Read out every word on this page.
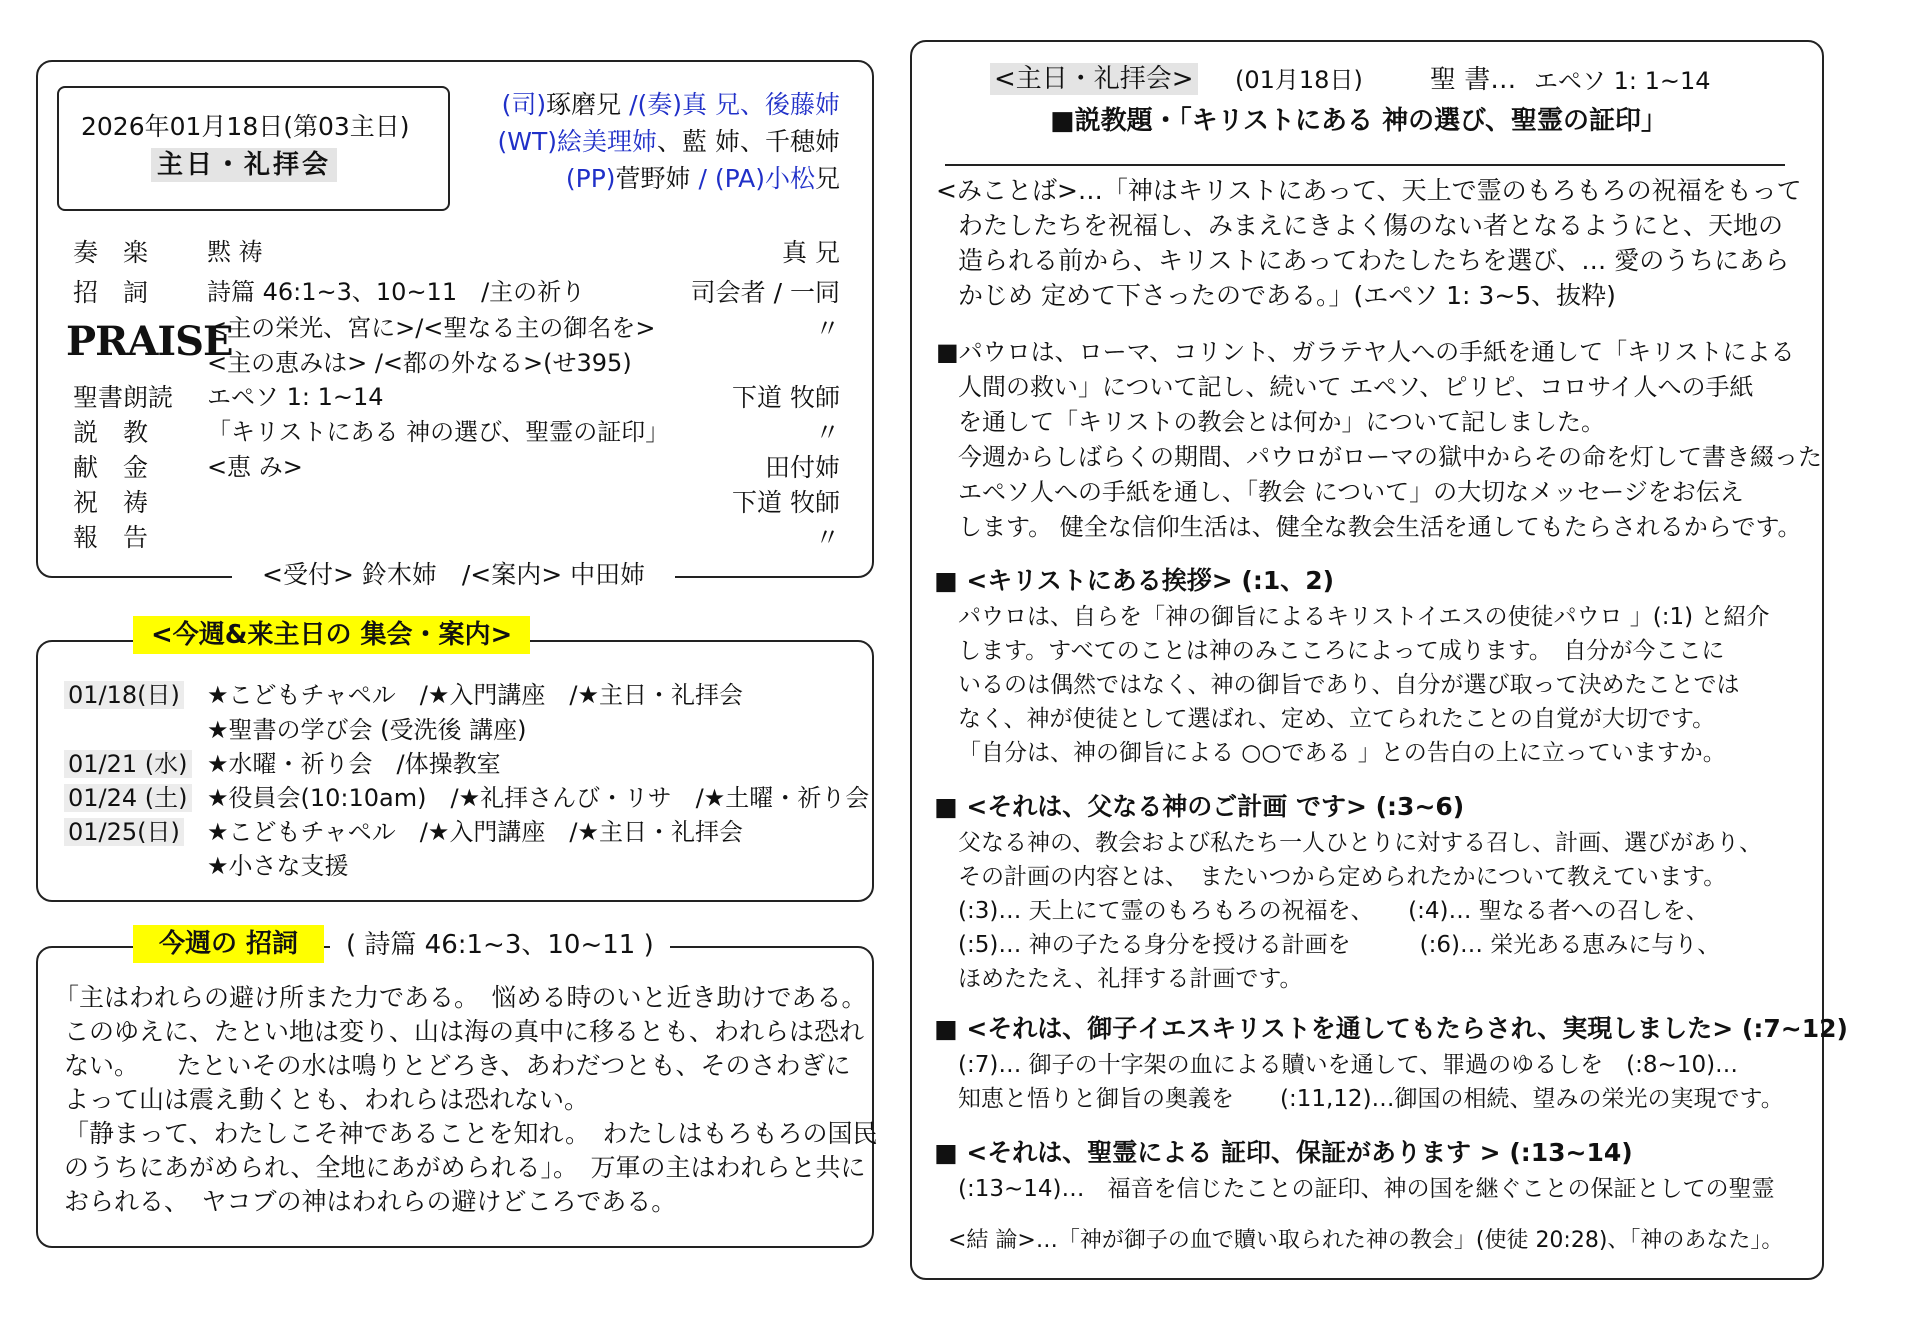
2026年01月18日(第03主日)
主日・礼拝会
(司)琢磨兄 /(奏)真 兄、後藤姉
(WT)絵美理姉、藍 姉、千穂姉
(PP)菅野姉 / (PA)小松兄
PRAISE
奏　楽 黙 祷	真 兄
招　詞 詩篇 46:1~3、10~11　/主の祈り	司会者 / 一同
<主の栄光、宮に>/<聖なる主の御名を>	〃
<主の恵みは> /<都の外なる>(せ395)
聖書朗読 エペソ 1: 1~14	下道 牧師
説　教 「キリストにある 神の選び、聖霊の証印」	〃
献　金 <恵 み>	田付姉
祝　祷	下道 牧師
報　告	〃
<受付> 鈴木姉　/<案内> 中田姉
<今週&来主日の 集会・案内>
01/18(日) ★こどもチャペル　/★入門講座　/★主日・礼拝会
★聖書の学び会 (受洗後 講座)
01/21 (水) ★水曜・祈り会　/体操教室
01/24 (土) ★役員会(10:10am)　/★礼拝さんび・リサ　/★土曜・祈り会
01/25(日) ★こどもチャペル　/★入門講座　/★主日・礼拝会
★小さな支援
今週の 招詞	( 詩篇 46:1~3、10~11 )
「主はわれらの避け所また力である。　悩める時のいと近き助けである。
このゆえに、たとい地は変り、山は海の真中に移るとも、われらは恐れ
ない。　　たといその水は鳴りとどろき、あわだつとも、そのさわぎに
よって山は震え動くとも、われらは恐れない。
「静まって、わたしこそ神であることを知れ。　わたしはもろもろの国民
のうちにあがめられ、全地にあがめられる」。　万軍の主はわれらと共に
おられる、　ヤコブの神はわれらの避けどころである。
<主日・礼拝会> (01月18日)	聖 書… エペソ 1: 1~14
■説教題・「キリストにある 神の選び、聖霊の証印」
<みことば>…「神はキリストにあって、天上で霊のもろもろの祝福をもって
わたしたちを祝福し、みまえにきよく傷のない者となるようにと、天地の
造られる前から、キリストにあってわたしたちを選び、… 愛のうちにあら
かじめ 定めて下さったのである。」(エペソ 1: 3~5、抜粋)
■パウロは、ローマ、コリント、ガラテヤ人への手紙を通して「キリストによる
人間の救い」について記し、続いて エペソ、ピリピ、コロサイ人への手紙
を通して「キリストの教会とは何か」について記しました。
今週からしばらくの期間、パウロがローマの獄中からその命を灯して書き綴った
エペソ人への手紙を通し、「教会 について」の大切なメッセージをお伝え
します。 健全な信仰生活は、健全な教会生活を通してもたらされるからです。
■ <キリストにある挨拶> (:1、2)
パウロは、自らを「神の御旨によるキリストイエスの使徒パウロ 」(:1) と紹介
します。すべてのことは神のみこころによって成ります。　自分が今ここに
いるのは偶然ではなく、神の御旨であり、自分が選び取って決めたことでは
なく、神が使徒として選ばれ、定め、立てられたことの自覚が大切です。
「自分は、神の御旨による ○○である 」との告白の上に立っていますか。
■ <それは、父なる神のご計画 です> (:3~6)
父なる神の、教会および私たち一人ひとりに対する召し、計画、選びがあり、
その計画の内容とは、　またいつから定められたかについて教えています。
(:3)… 天上にて霊のもろもろの祝福を、　　(:4)… 聖なる者への召しを、
(:5)… 神の子たる身分を授ける計画を　　　(:6)… 栄光ある恵みに与り、
ほめたたえ、礼拝する計画です。
■ <それは、御子イエスキリストを通してもたらされ、実現しました> (:7~12)
(:7)… 御子の十字架の血による贖いを通して、罪過のゆるしを　(:8~10)…
知恵と悟りと御旨の奥義を　　(:11,12)…御国の相続、望みの栄光の実現です。
■ <それは、聖霊による 証印、保証があります > (:13~14)
(:13~14)…　福音を信じたことの証印、神の国を継ぐことの保証としての聖霊
<結 論>…「神が御子の血で贖い取られた神の教会」(使徒 20:28)、「神のあなた」。
